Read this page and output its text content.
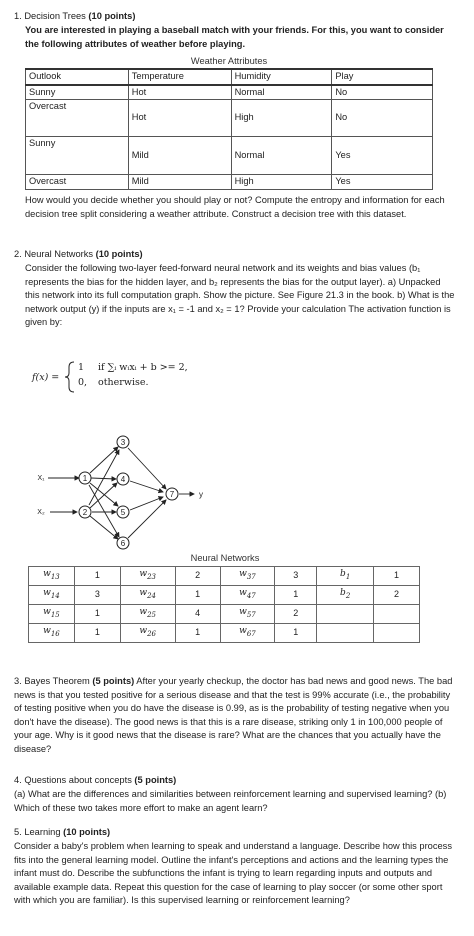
1. Decision Trees (10 points)
You are interested in playing a baseball match with your friends. For this, you want to consider the following attributes of weather before playing.
Weather Attributes
Outlook	Temperature	Humidity	Play
Sunny	Hot	Normal	No
Overcast	Hot	High	No
Sunny	Mild	Normal	Yes
Overcast	Mild	High	Yes
How would you decide whether you should play or not? Compute the entropy and information for each decision tree split considering a weather attribute. Construct a decision tree with this dataset.
2. Neural Networks (10 points)
Consider the following two-layer feed-forward neural network and its weights and bias values (b₁ represents the bias for the hidden layer, and b₂ represents the bias for the output layer). a) Unpacked this network into its full computation graph. Show the picture. See Figure 21.3 in the book. b) What is the network output (y) if the inputs are x₁ = -1 and x₂ = 1? Provide your calculation The activation function is given by:
f(x) =
1 if ∑ᵢ wᵢxᵢ + b >= 2,
0, otherwise.
1
2
3
4
5
6
7
X₁
X₂
y
Neural Networks
$w_{13}$	1	$w_{23}$	2	$w_{37}$	3	$b_1$	1
$w_{14}$	3	$w_{24}$	1	$w_{47}$	1	$b_2$	2
$w_{15}$	1	$w_{25}$	4	$w_{57}$	2		
$w_{16}$	1	$w_{26}$	1	$w_{67}$	1		
3. Bayes Theorem (5 points) After your yearly checkup, the doctor has bad news and good news. The bad news is that you tested positive for a serious disease and that the test is 99% accurate (i.e., the probability of testing positive when you do have the disease is 0.99, as is the probability of testing negative when you don't have the disease). The good news is that this is a rare disease, striking only 1 in 100,000 people of your age. Why is it good news that the disease is rare? What are the chances that you actually have the disease?
4. Questions about concepts (5 points)
(a) What are the differences and similarities between reinforcement learning and supervised learning? (b) Which of these two takes more effort to make an agent learn?
5. Learning (10 points)
Consider a baby's problem when learning to speak and understand a language. Describe how this process fits into the general learning model. Outline the infant's perceptions and actions and the learning types the infant must do. Describe the subfunctions the infant is trying to learn regarding inputs and outputs and available example data. Repeat this question for the case of learning to play soccer (or some other sport with which you are familiar). Is this supervised learning or reinforcement learning?
